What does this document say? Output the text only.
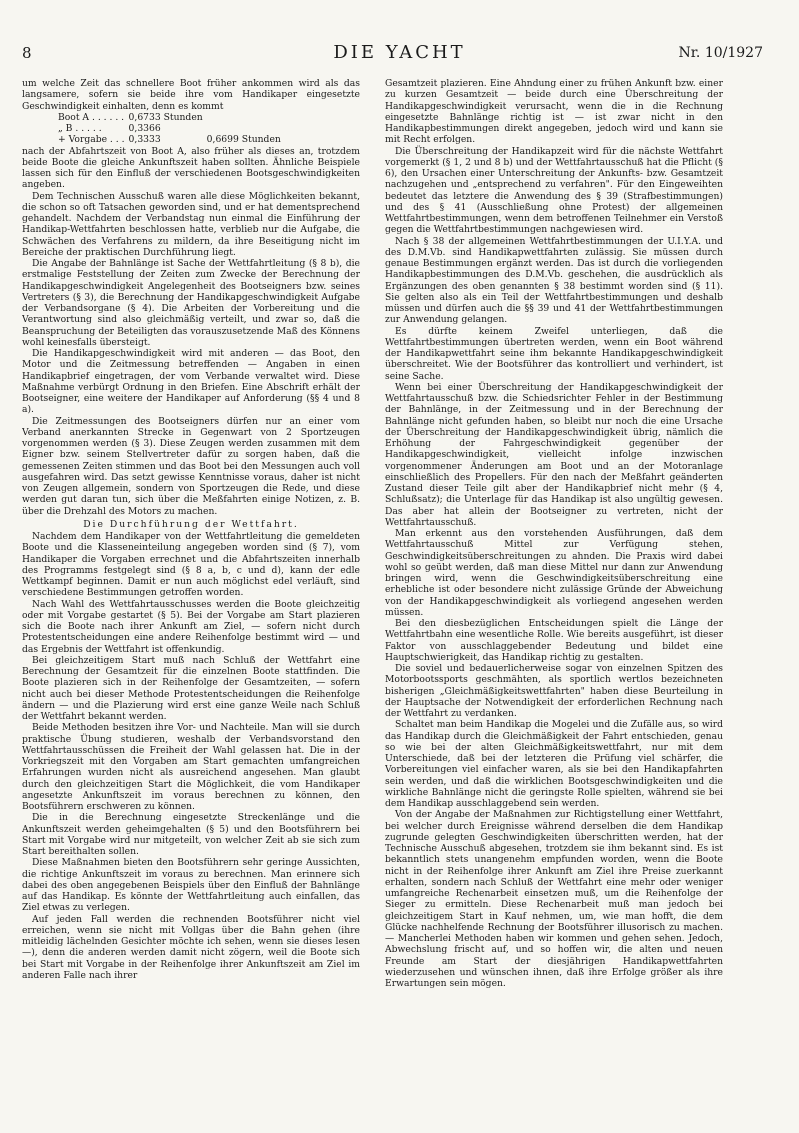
8	DIE YACHT	Nr. 10/1927

um welche Zeit das schnellere Boot früher ankommen wird als das langsamere, sofern sie beide ihre vom Handikaper eingesetzte Geschwindigkeit einhalten, denn es kommt

Boot A . . . . . .	0,6733 Stunden	
„ B . . . . .	0,3366	
+ Vorgabe . . .	0,3333	0,6699 Stunden

nach der Abfahrtszeit von Boot A, also früher als dieses an, trotzdem beide Boote die gleiche Ankunftszeit haben sollten. Ähnliche Beispiele lassen sich für den Einfluß der verschiedenen Bootsgeschwindigkeiten angeben.

Dem Technischen Ausschuß waren alle diese Möglichkeiten bekannt, die schon so oft Tatsachen geworden sind, und er hat dementsprechend gehandelt. Nachdem der Verbandstag nun einmal die Einführung der Handikap-Wettfahrten beschlossen hatte, verblieb nur die Aufgabe, die Schwächen des Verfahrens zu mildern, da ihre Beseitigung nicht im Bereiche der praktischen Durchführung liegt.

Die Angabe der Bahnlänge ist Sache der Wettfahrtleitung (§ 8 b), die erstmalige Feststellung der Zeiten zum Zwecke der Berechnung der Handikapgeschwindigkeit Angelegenheit des Bootseigners bzw. seines Vertreters (§ 3), die Berechnung der Handikapgeschwindigkeit Aufgabe der Verbandsorgane (§ 4). Die Arbeiten der Vorbereitung und die Verantwortung sind also gleichmäßig verteilt, und zwar so, daß die Beanspruchung der Beteiligten das vorauszusetzende Maß des Könnens wohl keinesfalls übersteigt.

Die Handikapgeschwindigkeit wird mit anderen — das Boot, den Motor und die Zeitmessung betreffenden — Angaben in einen Handikapbrief eingetragen, der vom Verbande verwaltet wird. Diese Maßnahme verbürgt Ordnung in den Briefen. Eine Abschrift erhält der Bootseigner, eine weitere der Handikaper auf Anforderung (§§ 4 und 8 a).

Die Zeitmessungen des Bootseigners dürfen nur an einer vom Verband anerkannten Strecke in Gegenwart von 2 Sportzeugen vorgenommen werden (§ 3). Diese Zeugen werden zusammen mit dem Eigner bzw. seinem Stellvertreter dafür zu sorgen haben, daß die gemessenen Zeiten stimmen und das Boot bei den Messungen auch voll ausgefahren wird. Das setzt gewisse Kenntnisse voraus, daher ist nicht von Zeugen allgemein, sondern von Sportzeugen die Rede, und diese werden gut daran tun, sich über die Meßfahrten einige Notizen, z. B. über die Drehzahl des Motors zu machen.

Die Durchführung der Wettfahrt.

Nachdem dem Handikaper von der Wettfahrtleitung die gemeldeten Boote und die Klasseneinteilung angegeben worden sind (§ 7), vom Handikaper die Vorgaben errechnet und die Abfahrtszeiten innerhalb des Programms festgelegt sind (§ 8 a, b, c und d), kann der edle Wettkampf beginnen. Damit er nun auch möglichst edel verläuft, sind verschiedene Bestimmungen getroffen worden.

Nach Wahl des Wettfahrtausschusses werden die Boote gleichzeitig oder mit Vorgabe gestartet (§ 5). Bei der Vorgabe am Start plazieren sich die Boote nach ihrer Ankunft am Ziel, — sofern nicht durch Protestentscheidungen eine andere Reihenfolge bestimmt wird — und das Ergebnis der Wettfahrt ist offenkundig.

Bei gleichzeitigem Start muß nach Schluß der Wettfahrt eine Berechnung der Gesamtzeit für die einzelnen Boote stattfinden. Die Boote plazieren sich in der Reihenfolge der Gesamtzeiten, — sofern nicht auch bei dieser Methode Protestentscheidungen die Reihenfolge ändern — und die Plazierung wird erst eine ganze Weile nach Schluß der Wettfahrt bekannt werden.

Beide Methoden besitzen ihre Vor- und Nachteile. Man will sie durch praktische Übung studieren, weshalb der Verbandsvorstand den Wettfahrtausschüssen die Freiheit der Wahl gelassen hat. Die in der Vorkriegszeit mit den Vorgaben am Start gemachten umfangreichen Erfahrungen wurden nicht als ausreichend angesehen. Man glaubt durch den gleichzeitigen Start die Möglichkeit, die vom Handikaper angesetzte Ankunftszeit im voraus berechnen zu können, den Bootsführern erschweren zu können.

Die in die Berechnung eingesetzte Streckenlänge und die Ankunftszeit werden geheimgehalten (§ 5) und den Bootsführern bei Start mit Vorgabe wird nur mitgeteilt, von welcher Zeit ab sie sich zum Start bereithalten sollen.

Diese Maßnahmen bieten den Bootsführern sehr geringe Aussichten, die richtige Ankunftszeit im voraus zu berechnen. Man erinnere sich dabei des oben angegebenen Beispiels über den Einfluß der Bahnlänge auf das Handikap. Es könnte der Wettfahrtleitung auch einfallen, das Ziel etwas zu verlegen.

Auf jeden Fall werden die rechnenden Bootsführer nicht viel erreichen, wenn sie nicht mit Vollgas über die Bahn gehen (ihre mitleidig lächelnden Gesichter möchte ich sehen, wenn sie dieses lesen —), denn die anderen werden damit nicht zögern, weil die Boote sich bei Start mit Vorgabe in der Reihenfolge ihrer Ankunftszeit am Ziel im anderen Falle nach ihrer

Gesamtzeit plazieren. Eine Ahndung einer zu frühen Ankunft bzw. einer zu kurzen Gesamtzeit — beide durch eine Überschreitung der Handikapgeschwindigkeit verursacht, wenn die in die Rechnung eingesetzte Bahnlänge richtig ist — ist zwar nicht in den Handikapbestimmungen direkt angegeben, jedoch wird und kann sie mit Recht erfolgen.

Die Überschreitung der Handikapzeit wird für die nächste Wettfahrt vorgemerkt (§ 1, 2 und 8 b) und der Wettfahrtausschuß hat die Pflicht (§ 6), den Ursachen einer Unterschreitung der Ankunfts- bzw. Gesamtzeit nachzugehen und „entsprechend zu verfahren". Für den Eingeweihten bedeutet das letztere die Anwendung des § 39 (Strafbestimmungen) und des § 41 (Ausschließung ohne Protest) der allgemeinen Wettfahrtbestimmungen, wenn dem betroffenen Teilnehmer ein Verstoß gegen die Wettfahrtbestimmungen nachgewiesen wird.

Nach § 38 der allgemeinen Wettfahrtbestimmungen der U.I.Y.A. und des D.M.Vb. sind Handikapwettfahrten zulässig. Sie müssen durch genaue Bestimmungen ergänzt werden. Das ist durch die vorliegenden Handikapbestimmungen des D.M.Vb. geschehen, die ausdrücklich als Ergänzungen des oben genannten § 38 bestimmt worden sind (§ 11). Sie gelten also als ein Teil der Wettfahrtbestimmungen und deshalb müssen und dürfen auch die §§ 39 und 41 der Wettfahrtbestimmungen zur Anwendung gelangen.

Es dürfte keinem Zweifel unterliegen, daß die Wettfahrtbestimmungen übertreten werden, wenn ein Boot während der Handikapwettfahrt seine ihm bekannte Handikapgeschwindigkeit überschreitet. Wie der Bootsführer das kontrolliert und verhindert, ist seine Sache.

Wenn bei einer Überschreitung der Handikapgeschwindigkeit der Wettfahrtausschuß bzw. die Schiedsrichter Fehler in der Bestimmung der Bahnlänge, in der Zeitmessung und in der Berechnung der Bahnlänge nicht gefunden haben, so bleibt nur noch die eine Ursache der Überschreitung der Handikapgeschwindigkeit übrig, nämlich die Erhöhung der Fahrgeschwindigkeit gegenüber der Handikapgeschwindigkeit, vielleicht infolge inzwischen vorgenommener Änderungen am Boot und an der Motoranlage einschließlich des Propellers. Für den nach der Meßfahrt geänderten Zustand dieser Teile gilt aber der Handikapbrief nicht mehr (§ 4, Schlußsatz); die Unterlage für das Handikap ist also ungültig gewesen. Das aber hat allein der Bootseigner zu vertreten, nicht der Wettfahrtausschuß.

Man erkennt aus den vorstehenden Ausführungen, daß dem Wettfahrtausschuß Mittel zur Verfügung stehen, Geschwindigkeitsüberschreitungen zu ahnden. Die Praxis wird dabei wohl so geübt werden, daß man diese Mittel nur dann zur Anwendung bringen wird, wenn die Geschwindigkeitsüberschreitung eine erhebliche ist oder besondere nicht zulässige Gründe der Abweichung von der Handikapgeschwindigkeit als vorliegend angesehen werden müssen.

Bei den diesbezüglichen Entscheidungen spielt die Länge der Wettfahrtbahn eine wesentliche Rolle. Wie bereits ausgeführt, ist dieser Faktor von ausschlaggebender Bedeutung und bildet eine Hauptschwierigkeit, das Handikap richtig zu gestalten.

Die soviel und bedauerlicherweise sogar von einzelnen Spitzen des Motorbootssports geschmähten, als sportlich wertlos bezeichneten bisherigen „Gleichmäßigkeitswettfahrten" haben diese Beurteilung in der Hauptsache der Notwendigkeit der erforderlichen Rechnung nach der Wettfahrt zu verdanken.

Schaltet man beim Handikap die Mogelei und die Zufälle aus, so wird das Handikap durch die Gleichmäßigkeit der Fahrt entschieden, genau so wie bei der alten Gleichmäßigkeitswettfahrt, nur mit dem Unterschiede, daß bei der letzteren die Prüfung viel schärfer, die Vorbereitungen viel einfacher waren, als sie bei den Handikapfahrten sein werden, und daß die wirklichen Bootsgeschwindigkeiten und die wirkliche Bahnlänge nicht die geringste Rolle spielten, während sie bei dem Handikap ausschlaggebend sein werden.

Von der Angabe der Maßnahmen zur Richtigstellung einer Wettfahrt, bei welcher durch Ereignisse während derselben die dem Handikap zugrunde gelegten Geschwindigkeiten überschritten werden, hat der Technische Ausschuß abgesehen, trotzdem sie ihm bekannt sind. Es ist bekanntlich stets unangenehm empfunden worden, wenn die Boote nicht in der Reihenfolge ihrer Ankunft am Ziel ihre Preise zuerkannt erhalten, sondern nach Schluß der Wettfahrt eine mehr oder weniger umfangreiche Rechenarbeit einsetzen muß, um die Reihenfolge der Sieger zu ermitteln. Diese Rechenarbeit muß man jedoch bei gleichzeitigem Start in Kauf nehmen, um, wie man hofft, die dem Glücke nachhelfende Rechnung der Bootsführer illusorisch zu machen. — Mancherlei Methoden haben wir kommen und gehen sehen. Jedoch, Abwechslung frischt auf, und so hoffen wir, die alten und neuen Freunde am Start der diesjährigen Handikapwettfahrten wiederzusehen und wünschen ihnen, daß ihre Erfolge größer als ihre Erwartungen sein mögen.
